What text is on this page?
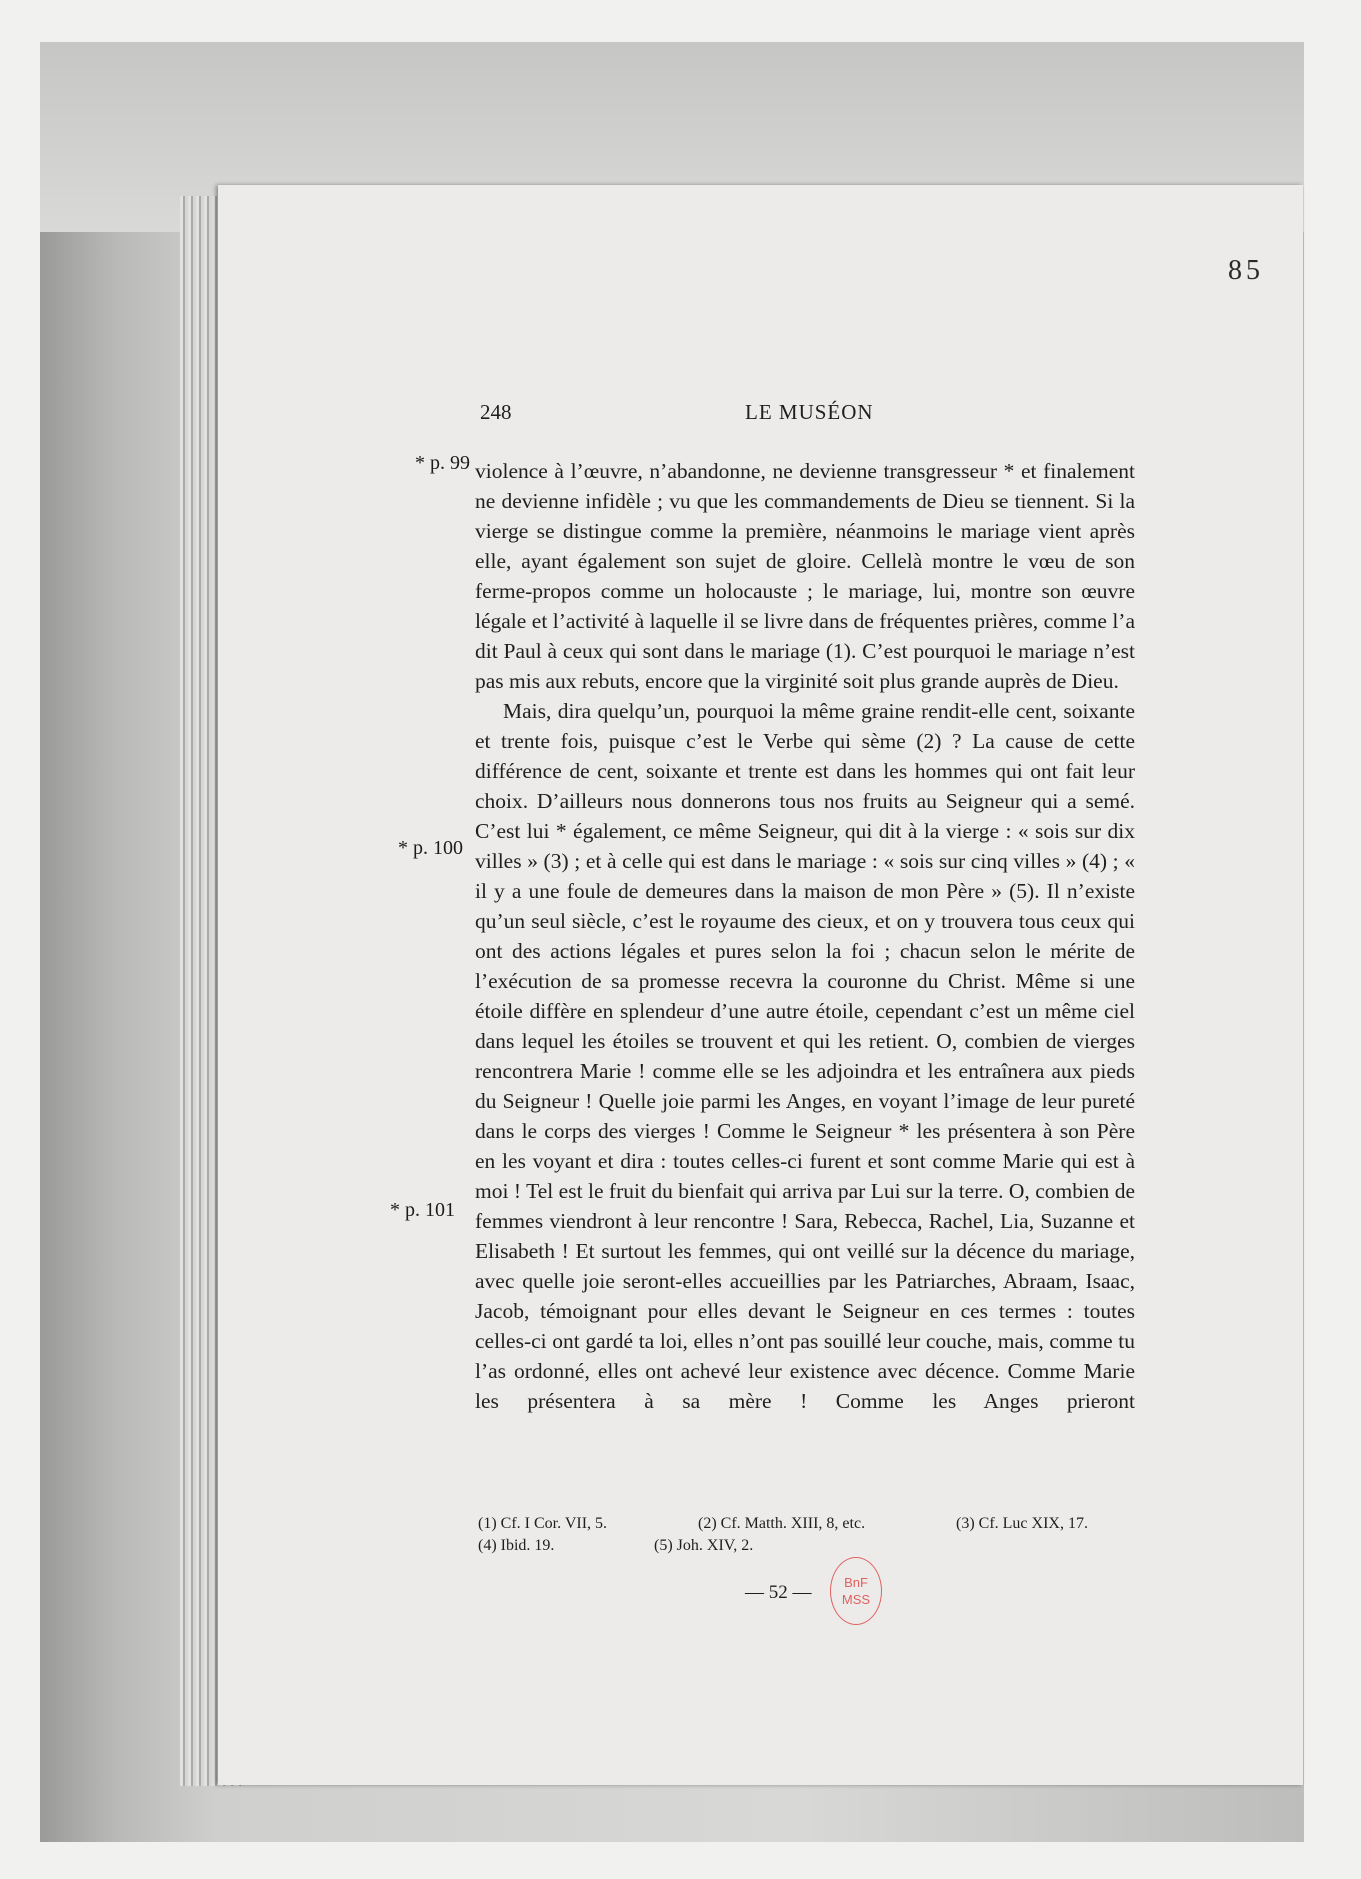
85
248	LE MUSÉON
* p. 99
* p. 100
* p. 101

violence à l’œuvre, n’abandonne, ne devienne transgresseur * et finalement ne devienne infidèle ; vu que les commandements de Dieu se tiennent. Si la vierge se distingue comme la première, néanmoins le mariage vient après elle, ayant également son sujet de gloire. Cellelà montre le vœu de son ferme-propos comme un holocauste ; le mariage, lui, montre son œuvre légale et l’activité à laquelle il se livre dans de fréquentes prières, comme l’a dit Paul à ceux qui sont dans le mariage (1). C’est pourquoi le mariage n’est pas mis aux rebuts, encore que la virginité soit plus grande auprès de Dieu.

Mais, dira quelqu’un, pourquoi la même graine rendit-elle cent, soixante et trente fois, puisque c’est le Verbe qui sème (2) ? La cause de cette différence de cent, soixante et trente est dans les hommes qui ont fait leur choix. D’ailleurs nous donnerons tous nos fruits au Seigneur qui a semé. C’est lui * également, ce même Seigneur, qui dit à la vierge : « sois sur dix villes » (3) ; et à celle qui est dans le mariage : « sois sur cinq villes » (4) ; « il y a une foule de demeures dans la maison de mon Père » (5). Il n’existe qu’un seul siècle, c’est le royaume des cieux, et on y trouvera tous ceux qui ont des actions légales et pures selon la foi ; chacun selon le mérite de l’exécution de sa promesse recevra la couronne du Christ. Même si une étoile diffère en splendeur d’une autre étoile, cependant c’est un même ciel dans lequel les étoiles se trouvent et qui les retient. O, combien de vierges rencontrera Marie ! comme elle se les adjoindra et les entraînera aux pieds du Seigneur ! Quelle joie parmi les Anges, en voyant l’image de leur pureté dans le corps des vierges ! Comme le Seigneur * les présentera à son Père en les voyant et dira : toutes celles-ci furent et sont comme Marie qui est à moi ! Tel est le fruit du bienfait qui arriva par Lui sur la terre. O, combien de femmes viendront à leur rencontre ! Sara, Rebecca, Rachel, Lia, Suzanne et Elisabeth ! Et surtout les femmes, qui ont veillé sur la décence du mariage, avec quelle joie seront-elles accueillies par les Patriarches, Abraam, Isaac, Jacob, témoignant pour elles devant le Seigneur en ces termes : toutes celles-ci ont gardé ta loi, elles n’ont pas souillé leur couche, mais, comme tu l’as ordonné, elles ont achevé leur existence avec décence. Comme Marie les présentera à sa mère ! Comme les Anges prieront

(1) Cf. I Cor. VII, 5.	(2) Cf. Matth. XIII, 8, etc.	(3) Cf. Luc XIX, 17.
(4) Ibid. 19.	(5) Joh. XIV, 2.
— 52 —	BnF
MSS
